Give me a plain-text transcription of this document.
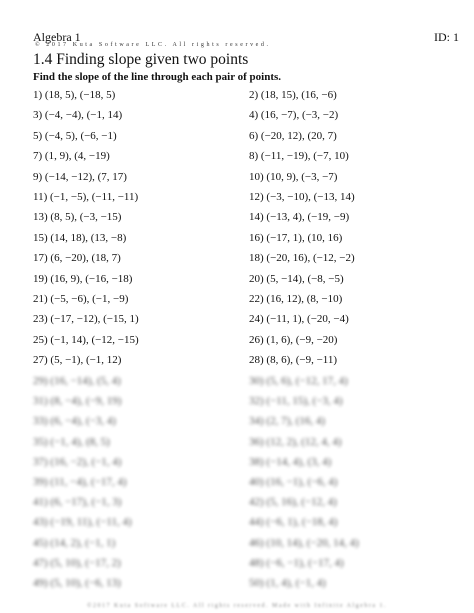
Algebra 1	ID: 1
© 2017 Kuta Software LLC. All rights reserved.
1.4 Finding slope given two points
Find the slope of the line through each pair of points.
1) (18, 5), (−18, 5)
3) (−4, −4), (−1, 14)
5) (−4, 5), (−6, −1)
7) (1, 9), (4, −19)
9) (−14, −12), (7, 17)
11) (−1, −5), (−11, −11)
13) (8, 5), (−3, −15)
15) (14, 18), (13, −8)
17) (6, −20), (18, 7)
19) (16, 9), (−16, −18)
21) (−5, −6), (−1, −9)
23) (−17, −12), (−15, 1)
25) (−1, 14), (−12, −15)
27) (5, −1), (−1, 12)
2) (18, 15), (16, −6)
4) (16, −7), (−3, −2)
6) (−20, 12), (20, 7)
8) (−11, −19), (−7, 10)
10) (10, 9), (−3, −7)
12) (−3, −10), (−13, 14)
14) (−13, 4), (−19, −9)
16) (−17, 1), (10, 16)
18) (−20, 16), (−12, −2)
20) (5, −14), (−8, −5)
22) (16, 12), (8, −10)
24) (−11, 1), (−20, −4)
26) (1, 6), (−9, −20)
28) (8, 6), (−9, −11)
29) (16, −14), (5, 4)
31) (8, −4), (−9, 19)
33) (6, −4), (−3, 4)
35) (−1, 4), (8, 5)
37) (16, −2), (−1, 4)
39) (11, −4), (−17, 4)
41) (6, −17), (−1, 3)
43) (−19, 11), (−11, 4)
45) (14, 2), (−1, 1)
47) (5, 10), (−17, 2)
49) (5, 10), (−6, 13)
30) (5, 6), (−12, 17, 4)
32) (−11, 15), (−3, 4)
34) (2, 7), (16, 4)
36) (12, 2), (12, 4, 4)
38) (−14, 4), (3, 4)
40) (16, −1), (−6, 4)
42) (5, 16), (−12, 4)
44) (−6, 1), (−18, 4)
46) (10, 14), (−20, 14, 4)
48) (−6, −1), (−17, 4)
50) (1, 4), (−1, 4)
©2017 Kuta Software LLC. All rights reserved. Made with Infinite Algebra 1.
